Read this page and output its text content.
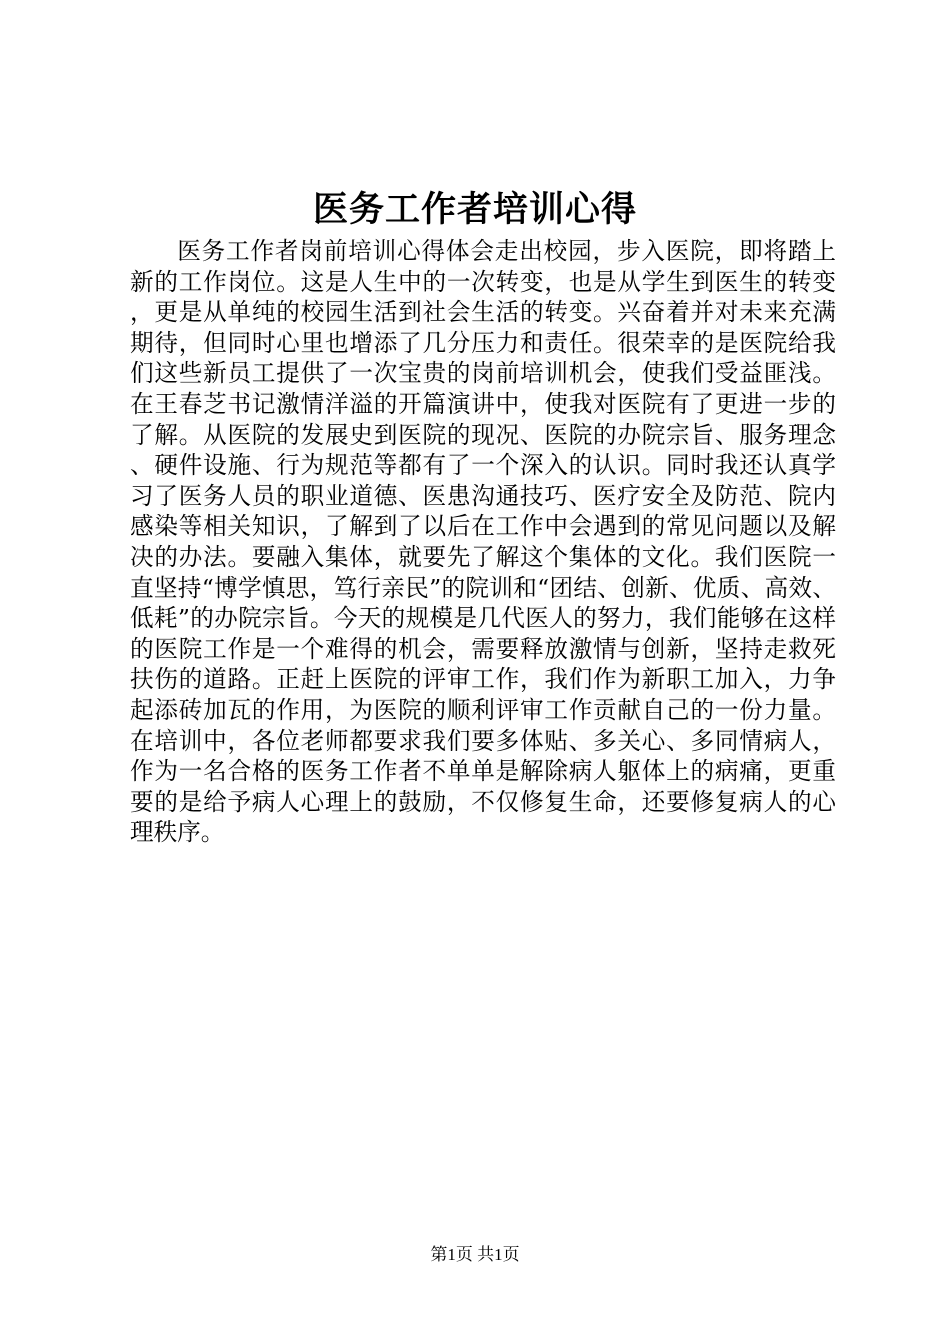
医务工作者培训心得

医务工作者岗前培训心得体会走出校园，步入医院，即将踏上新的工作岗位。这是人生中的一次转变，也是从学生到医生的转变，更是从单纯的校园生活到社会生活的转变。兴奋着并对未来充满期待，但同时心里也增添了几分压力和责任。很荣幸的是医院给我们这些新员工提供了一次宝贵的岗前培训机会，使我们受益匪浅。在王春芝书记激情洋溢的开篇演讲中，使我对医院有了更进一步的了解。从医院的发展史到医院的现况、医院的办院宗旨、服务理念、硬件设施、行为规范等都有了一个深入的认识。同时我还认真学习了医务人员的职业道德、医患沟通技巧、医疗安全及防范、院内感染等相关知识，了解到了以后在工作中会遇到的常见问题以及解决的办法。要融入集体，就要先了解这个集体的文化。我们医院一直坚持“博学慎思，笃行亲民”的院训和“团结、创新、优质、高效、低耗”的办院宗旨。今天的规模是几代医人的努力，我们能够在这样的医院工作是一个难得的机会，需要释放激情与创新，坚持走救死扶伤的道路。正赶上医院的评审工作，我们作为新职工加入，力争起添砖加瓦的作用，为医院的顺利评审工作贡献自己的一份力量。在培训中，各位老师都要求我们要多体贴、多关心、多同情病人，作为一名合格的医务工作者不单单是解除病人躯体上的病痛，更重要的是给予病人心理上的鼓励，不仅修复生命，还要修复病人的心理秩序。

第1页 共1页
